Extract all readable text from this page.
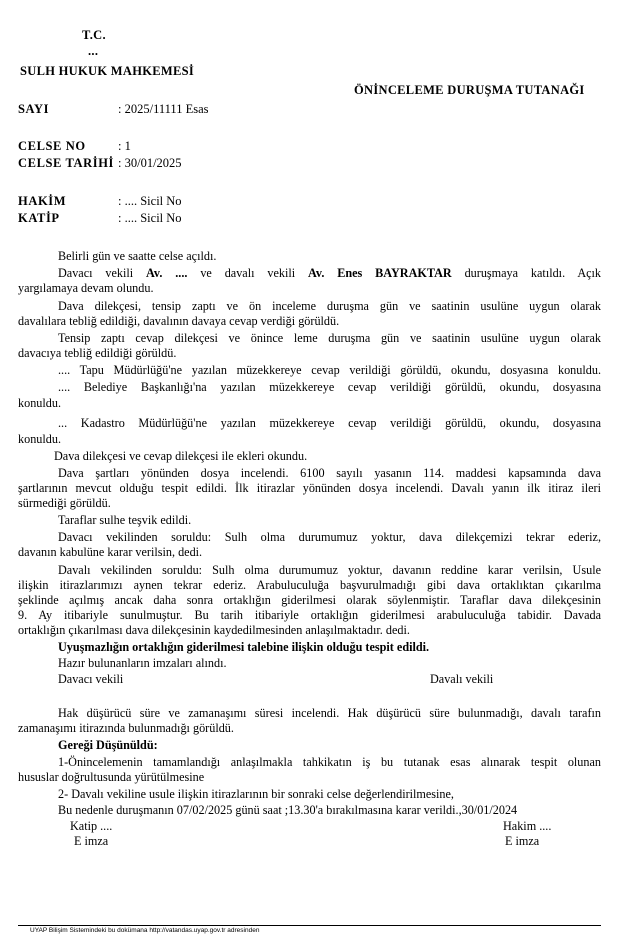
T.C.
...
SULH HUKUK MAHKEMESİ
ÖNİNCELEME DURUŞMA TUTANAĞI
SAYI	: 2025/11111 Esas
CELSE NO	: 1
CELSE TARİHİ : 30/01/2025
HAKİM	: .... Sicil No
KATİP	: .... Sicil No
Belirli gün ve saatte celse açıldı.
Davacı vekili Av. .... ve davalı vekili Av. Enes BAYRAKTAR duruşmaya katıldı. Açık
yargılamaya devam olundu.
Dava dilekçesi, tensip zaptı ve ön inceleme duruşma gün ve saatinin usulüne uygun olarak
davalılara tebliğ edildiği, davalının davaya cevap verdiği görüldü.
Tensip zaptı cevap dilekçesi ve önince leme duruşma gün ve saatinin usulüne uygun olarak
davacıya tebliğ edildiği görüldü.
.... Tapu Müdürlüğü'ne yazılan müzekkereye cevap verildiği görüldü, okundu, dosyasına konuldu.
.... Belediye Başkanlığı'na yazılan müzekkereye cevap verildiği görüldü, okundu, dosyasına
konuldu.
... Kadastro Müdürlüğü'ne yazılan müzekkereye cevap verildiği görüldü, okundu, dosyasına
konuldu.
Dava dilekçesi ve cevap dilekçesi ile ekleri okundu.
Dava şartları yönünden dosya incelendi. 6100 sayılı yasanın 114. maddesi kapsamında dava
şartlarının mevcut olduğu tespit edildi. İlk itirazlar yönünden dosya incelendi. Davalı yanın ilk itiraz ileri
sürmediği görüldü.
Taraflar sulhe teşvik edildi.
Davacı vekilinden soruldu: Sulh olma durumumuz yoktur, dava dilekçemizi tekrar ederiz,
davanın kabulüne karar verilsin, dedi.
Davalı vekilinden soruldu: Sulh olma durumumuz yoktur, davanın reddine karar verilsin, Usule
ilişkin itirazlarımızı aynen tekrar ederiz. Arabuluculuğa başvurulmadığı gibi dava ortaklıktan çıkarılma
şeklinde açılmış ancak daha sonra ortaklığın giderilmesi olarak söylenmiştir. Taraflar dava dilekçesinin
9. Ay itibariyle sunulmuştur. Bu tarih itibariyle ortaklığın giderilmesi arabuluculuğa tabidir. Davada
ortaklığın çıkarılması dava dilekçesinin kaydedilmesinden anlaşılmaktadır. dedi.
Uyuşmazlığın ortaklığın giderilmesi talebine ilişkin olduğu tespit edildi.
Hazır bulunanların imzaları alındı.
Davacı vekili	Davalı vekili
Hak düşürücü süre ve zamanaşımı süresi incelendi. Hak düşürücü süre bulunmadığı, davalı tarafın
zamanaşımı itirazında bulunmadığı görüldü.
Gereği Düşünüldü:
1-Önincelemenin tamamlandığı anlaşılmakla tahkikatın iş bu tutanak esas alınarak tespit olunan
hususlar doğrultusunda yürütülmesine
2- Davalı vekiline usule ilişkin itirazlarının bir sonraki celse değerlendirilmesine,
Bu nedenle duruşmanın 07/02/2025 günü saat ;13.30'a bırakılmasına karar verildi.,30/01/2024
Katip ....	Hakim ....
E imza	E imza
UYAP Bilişim Sistemindeki bu dokümana http://vatandas.uyap.gov.tr adresinden
